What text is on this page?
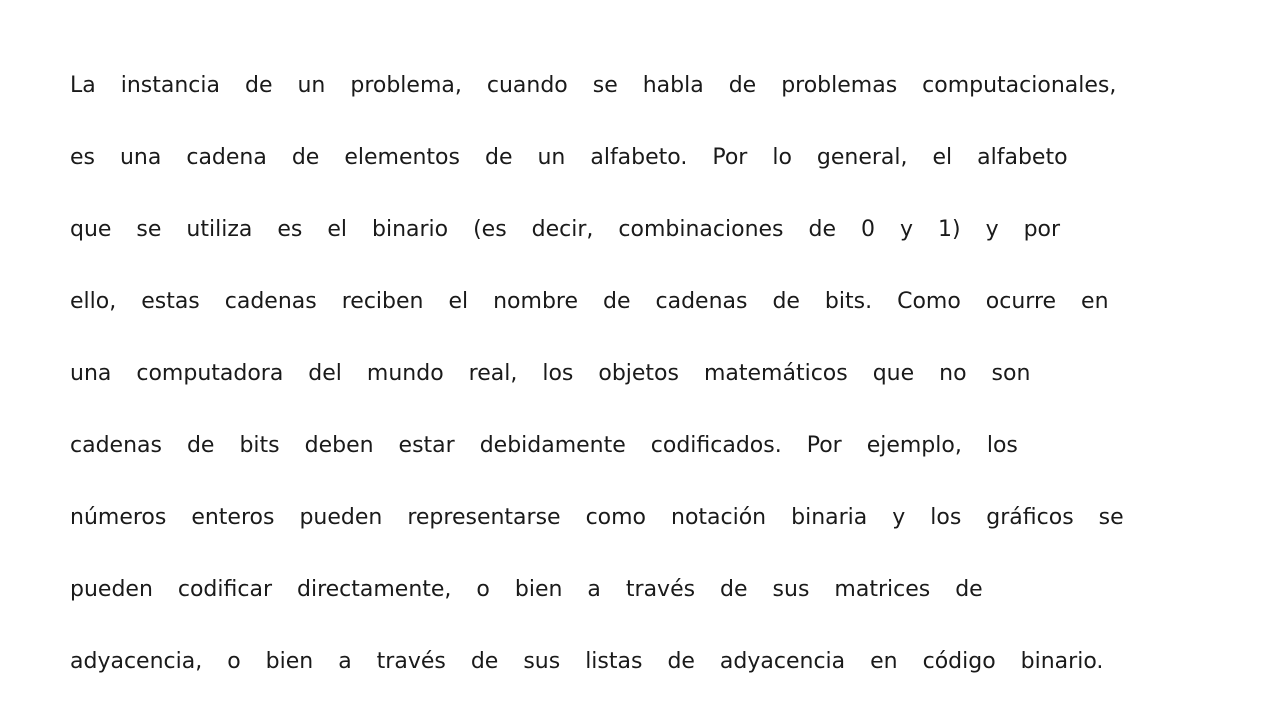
La instancia de un problema, cuando se habla de problemas computacionales,
es una cadena de elementos de un alfabeto. Por lo general, el alfabeto
que se utiliza es el binario (es decir, combinaciones de 0 y 1) y por
ello, estas cadenas reciben el nombre de cadenas de bits. Como ocurre en
una computadora del mundo real, los objetos matemáticos que no son
cadenas de bits deben estar debidamente codificados. Por ejemplo, los
números enteros pueden representarse como notación binaria y los gráficos se
pueden codificar directamente, o bien a través de sus matrices de
adyacencia, o bien a través de sus listas de adyacencia en código binario.
